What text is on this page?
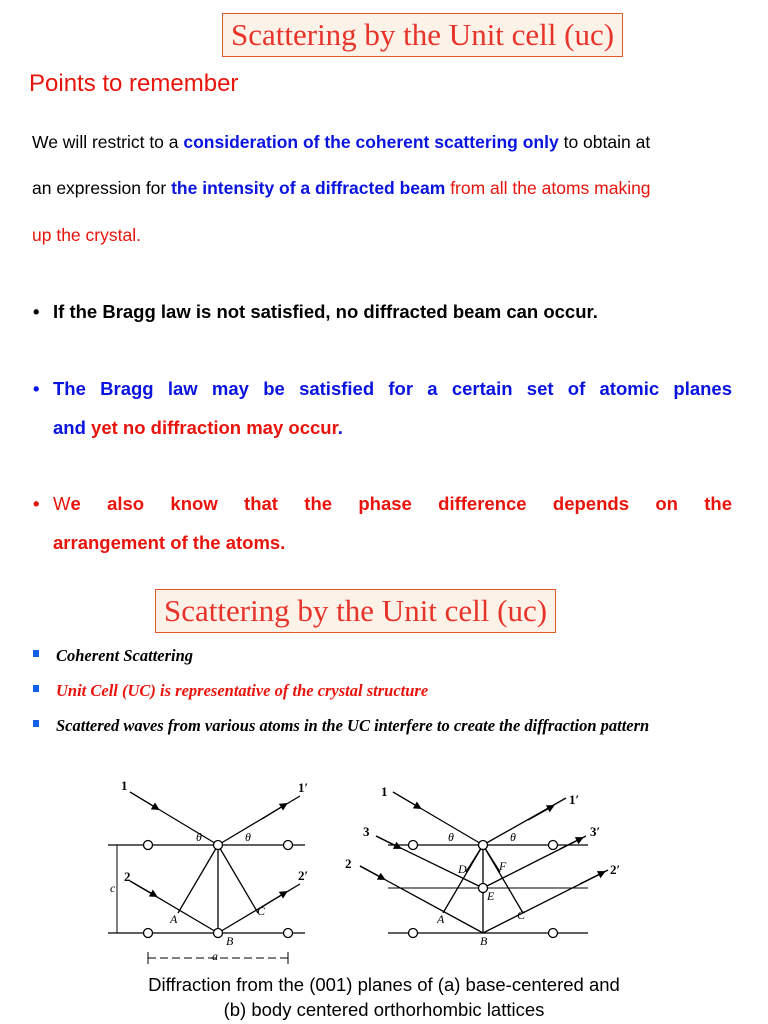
Scattering by the Unit cell (uc)
Points to remember
We will restrict to a consideration of the coherent scattering only to obtain at
an expression for the intensity of a diffracted beam from all the atoms making
up the crystal.
• If the Bragg law is not satisfied, no diffracted beam can occur.
• The Bragg law may be satisfied for a certain set of atomic planes
and yet no diffraction may occur.
• We also know that the phase difference depends on the
arrangement of the atoms.
Scattering by the Unit cell (uc)
Coherent Scattering
Unit Cell (UC) is representative of the crystal structure
Scattered waves from various atoms in the UC interfere to create the diffraction pattern
1	1′
2	2′
θ	θ
A
B
C
c
a
1
1′
3	3′
2	2′
θ	θ
D	F
E
A
B
C
Diffraction from the (001) planes of (a) base-centered and
(b) body centered orthorhombic lattices
